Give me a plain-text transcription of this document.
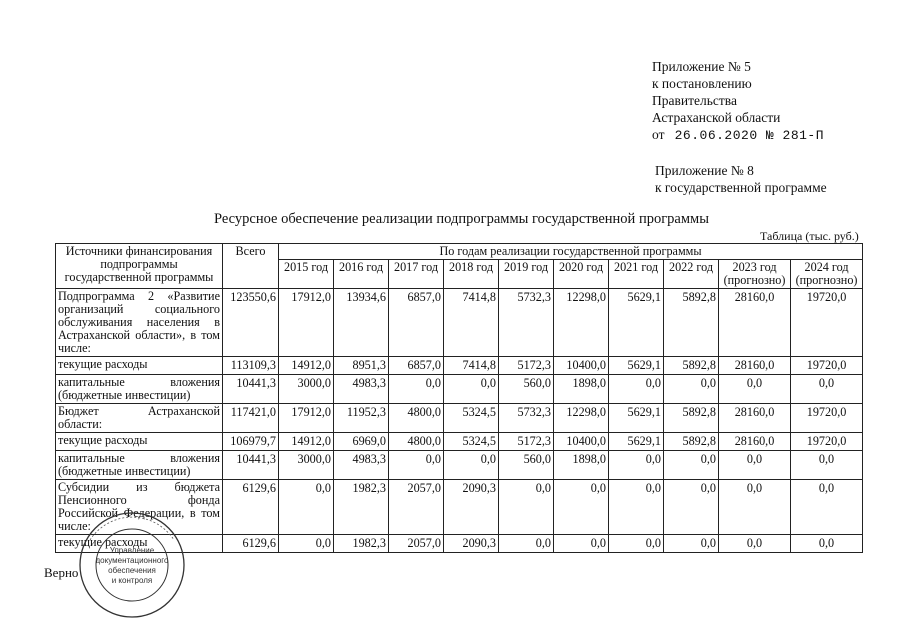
Приложение № 5
к постановлению
Правительства
Астраханской области
от 26.06.2020 № 281-П
Приложение № 8
к государственной программе
Ресурсное обеспечение реализации подпрограммы государственной программы
Таблица (тыс. руб.)
Источники финансирования подпрограммы государственной программы	Всего	По годам реализации государственной программы									
		2015 год	2016 год	2017 год	2018 год	2019 год	2020 год	2021 год	2022 год	2023 год (прогнозно)	2024 год (прогнозно)
Подпрограмма 2 «Развитие организаций социального обслуживания населения в Астраханской области», в том числе:	123550,6	17912,0	13934,6	6857,0	7414,8	5732,3	12298,0	5629,1	5892,8	28160,0	19720,0
текущие расходы	113109,3	14912,0	8951,3	6857,0	7414,8	5172,3	10400,0	5629,1	5892,8	28160,0	19720,0
капитальные вложения (бюджетные инвестиции)	10441,3	3000,0	4983,3	0,0	0,0	560,0	1898,0	0,0	0,0	0,0	0,0
Бюджет Астраханской области:	117421,0	17912,0	11952,3	4800,0	5324,5	5732,3	12298,0	5629,1	5892,8	28160,0	19720,0
текущие расходы	106979,7	14912,0	6969,0	4800,0	5324,5	5172,3	10400,0	5629,1	5892,8	28160,0	19720,0
капитальные вложения (бюджетные инвестиции)	10441,3	3000,0	4983,3	0,0	0,0	560,0	1898,0	0,0	0,0	0,0	0,0
Субсидии из бюджета Пенсионного фонда Российской Федерации, в том числе:	6129,6	0,0	1982,3	2057,0	2090,3	0,0	0,0	0,0	0,0	0,0	0,0
текущие расходы	6129,6	0,0	1982,3	2057,0	2090,3	0,0	0,0	0,0	0,0	0,0	0,0
Управление
документационного
обеспечения
и контроля
Верно
